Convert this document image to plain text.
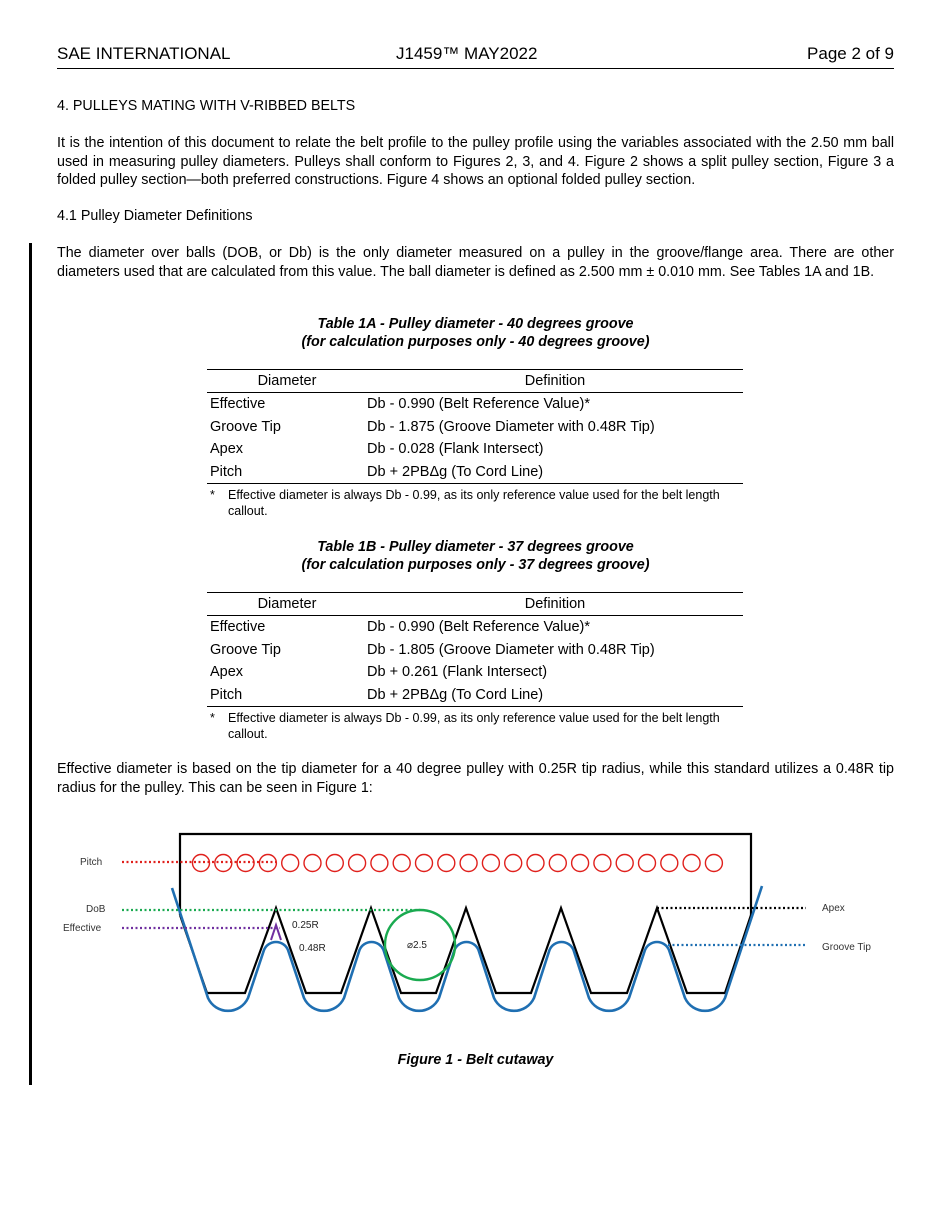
SAE INTERNATIONAL	J1459™ MAY2022	Page 2 of 9
4. PULLEYS MATING WITH V-RIBBED BELTS
It is the intention of this document to relate the belt profile to the pulley profile using the variables associated with the 2.50 mm ball used in measuring pulley diameters. Pulleys shall conform to Figures 2, 3, and 4. Figure 2 shows a split pulley section, Figure 3 a folded pulley section—both preferred constructions. Figure 4 shows an optional folded pulley section.
4.1 Pulley Diameter Definitions
The diameter over balls (DOB, or Db) is the only diameter measured on a pulley in the groove/flange area. There are other diameters used that are calculated from this value. The ball diameter is defined as 2.500 mm ± 0.010 mm. See Tables 1A and 1B.
Table 1A - Pulley diameter - 40 degrees groove
(for calculation purposes only - 40 degrees groove)
Diameter	Definition
Effective	Db - 0.990 (Belt Reference Value)*
Groove Tip	Db - 1.875 (Groove Diameter with 0.48R Tip)
Apex	Db - 0.028 (Flank Intersect)
Pitch	Db + 2PBΔg (To Cord Line)
* Effective diameter is always Db - 0.99, as its only reference value used for the belt length callout.
Table 1B - Pulley diameter - 37 degrees groove
(for calculation purposes only - 37 degrees groove)
Diameter	Definition
Effective	Db - 0.990 (Belt Reference Value)*
Groove Tip	Db - 1.805 (Groove Diameter with 0.48R Tip)
Apex	Db + 0.261 (Flank Intersect)
Pitch	Db + 2PBΔg (To Cord Line)
* Effective diameter is always Db - 0.99, as its only reference value used for the belt length callout.
Effective diameter is based on the tip diameter for a 40 degree pulley with 0.25R tip radius, while this standard utilizes a 0.48R tip radius for the pulley. This can be seen in Figure 1:
Pitch
DoB
Effective
Apex
Groove Tip
0.25R
0.48R	⌀2.5
Figure 1 - Belt cutaway
